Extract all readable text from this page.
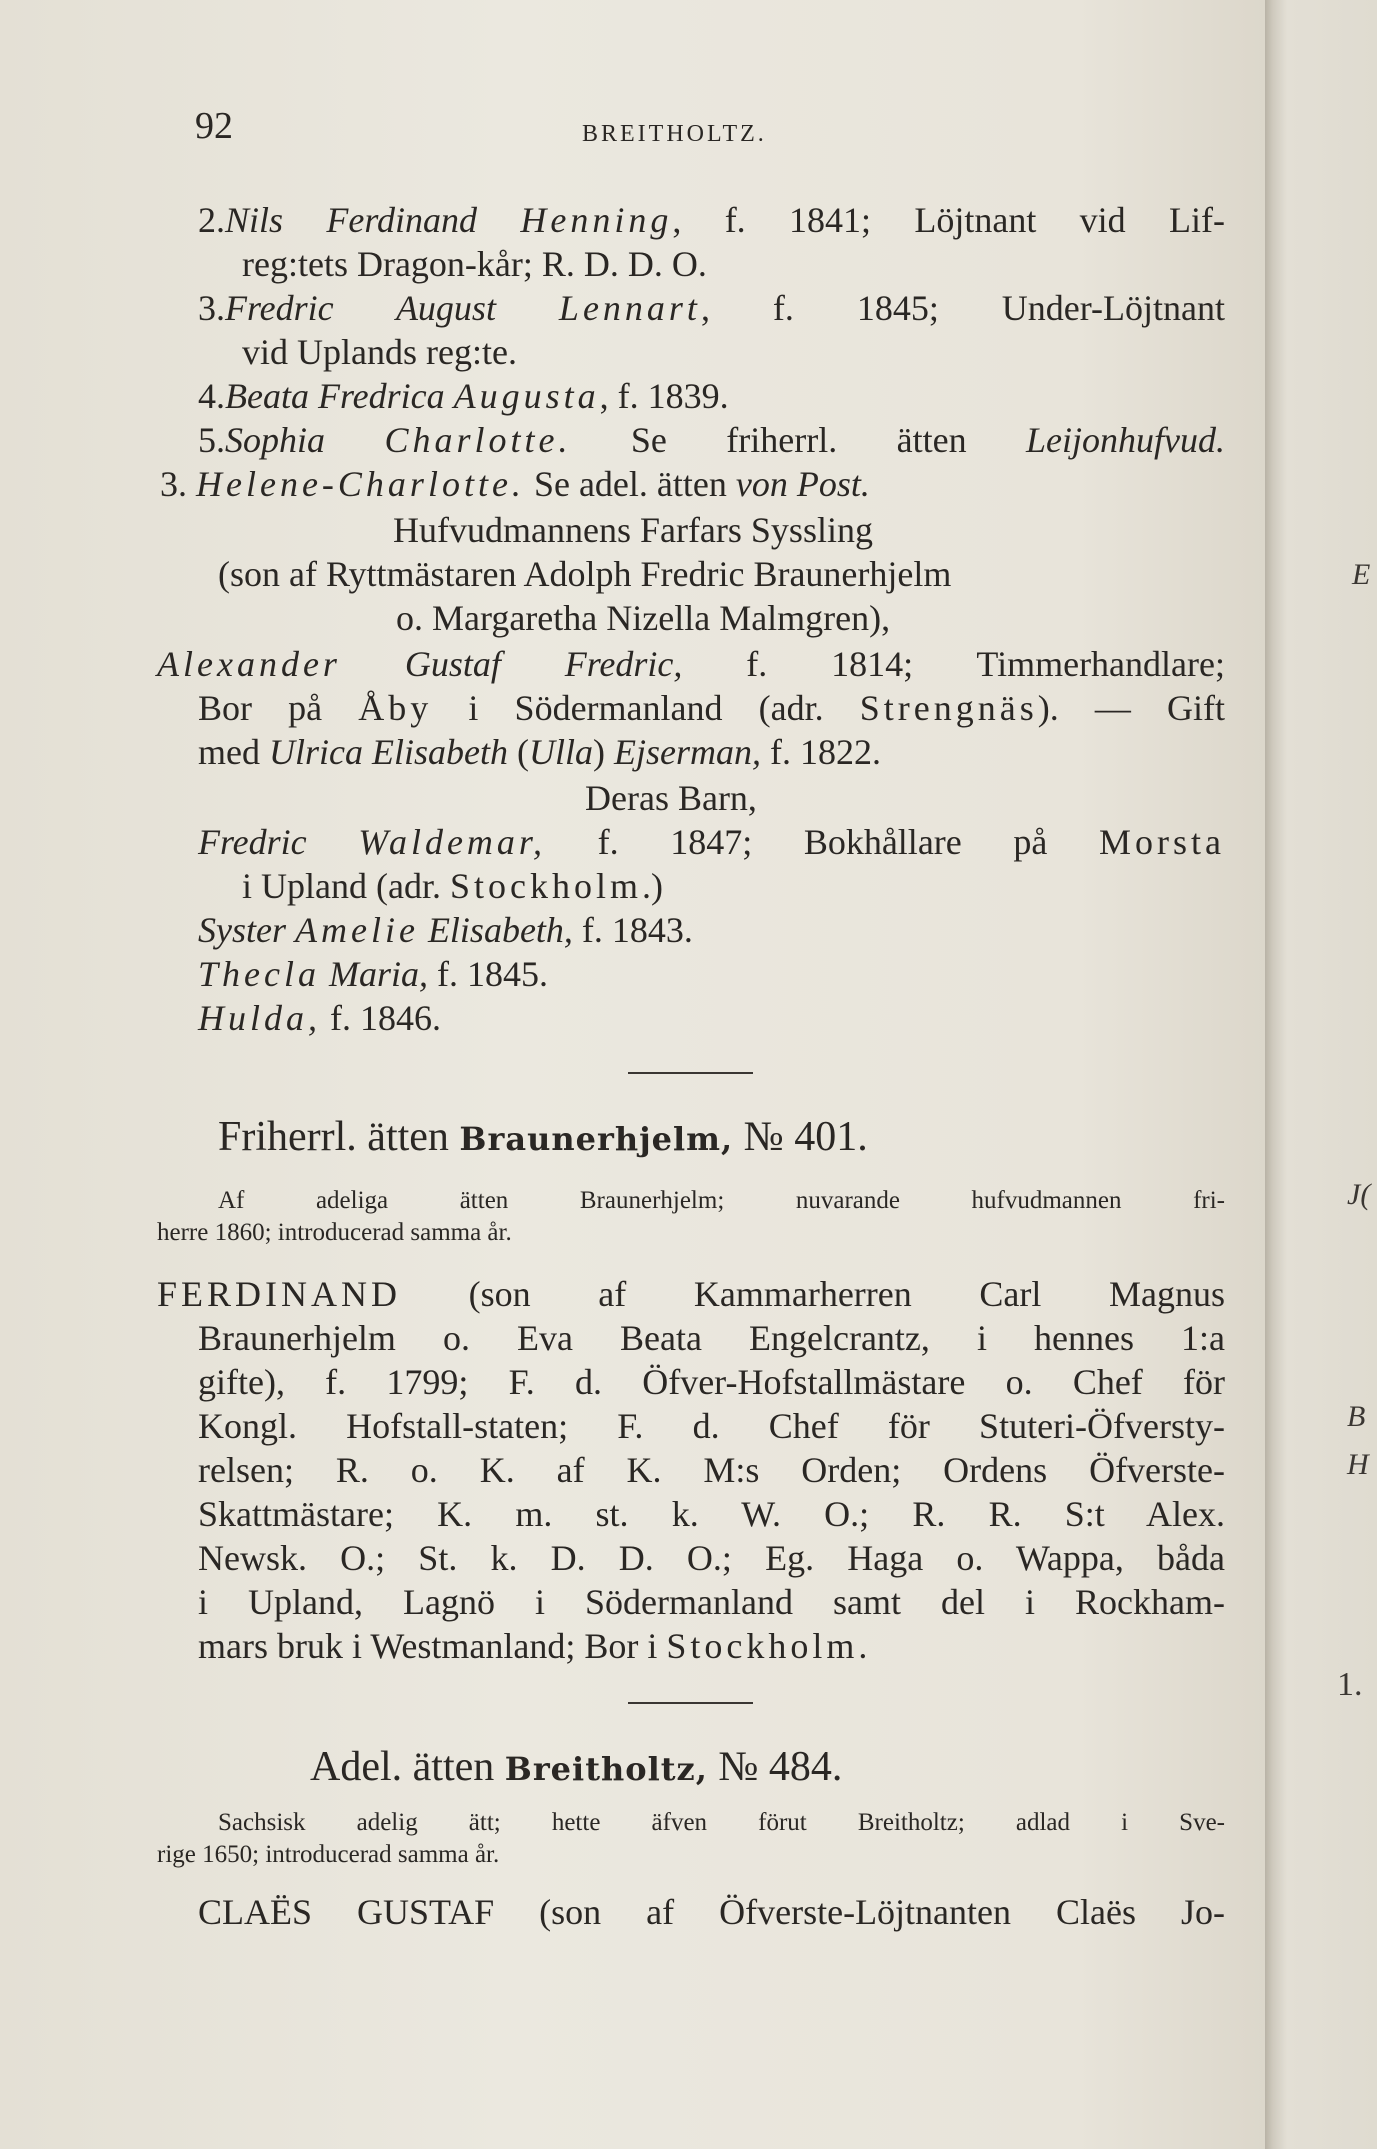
92	BREITHOLTZ.
2.Nils Ferdinand Henning, f. 1841; Löjtnant vid Lif-
reg:tets Dragon-kår; R. D. D. O.
3.Fredric August Lennart, f. 1845; Under-Löjtnant
vid Uplands reg:te.
4.Beata Fredrica Augusta, f. 1839.
5.Sophia Charlotte. Se friherrl. ätten Leijonhufvud.
3. Helene-Charlotte. Se adel. ätten von Post.
Hufvudmannens Farfars Syssling
(son af Ryttmästaren Adolph Fredric Braunerhjelm
o. Margaretha Nizella Malmgren),
Alexander Gustaf Fredric, f. 1814; Timmerhandlare;
Bor på Åby i Södermanland (adr. Strengnäs). — Gift
med Ulrica Elisabeth (Ulla) Ejserman, f. 1822.
Deras Barn,
Fredric Waldemar, f. 1847; Bokhållare på Morsta
i Upland (adr. Stockholm.)
Syster Amelie Elisabeth, f. 1843.
Thecla Maria, f. 1845.
Hulda, f. 1846.
Friherrl. ätten Braunerhjelm, № 401.
Af adeliga ätten Braunerhjelm; nuvarande hufvudmannen fri-
herre 1860; introducerad samma år.
FERDINAND (son af Kammarherren Carl Magnus
Braunerhjelm o. Eva Beata Engelcrantz, i hennes 1:a
gifte), f. 1799; F. d. Öfver-Hofstallmästare o. Chef för
Kongl. Hofstall-staten; F. d. Chef för Stuteri-Öfversty-
relsen; R. o. K. af K. M:s Orden; Ordens Öfverste-
Skattmästare; K. m. st. k. W. O.; R. R. S:t Alex.
Newsk. O.; St. k. D. D. O.; Eg. Haga o. Wappa, båda
i Upland, Lagnö i Södermanland samt del i Rockham-
mars bruk i Westmanland; Bor i Stockholm.
Adel. ätten Breitholtz, № 484.
Sachsisk adelig ätt; hette äfven förut Breitholtz; adlad i Sve-
rige 1650; introducerad samma år.
CLAËS GUSTAF (son af Öfverste-Löjtnanten Claës Jo-
E
J(
B
H
1.
